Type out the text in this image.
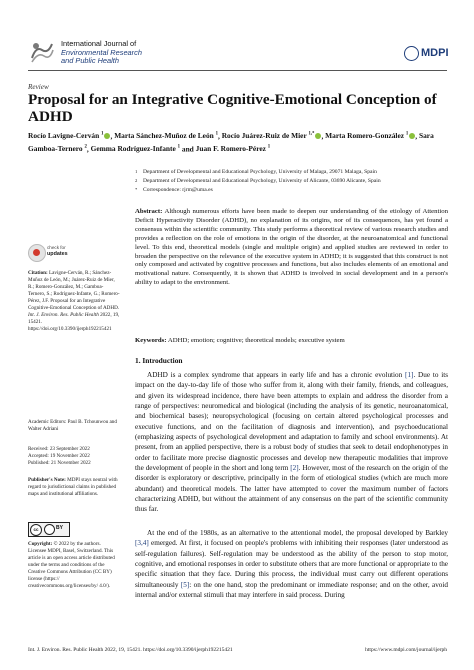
International Journal of
Environmental Research
and Public Health
MDPI
Review
Proposal for an Integrative Cognitive-Emotional Conception of ADHD
Rocío Lavigne-Cerván $^1$ , Marta Sánchez-Muñoz de León $^1$, Rocío Juárez-Ruiz de Mier $^{1,*}$ , Marta Romero-González $^1$ , Sara Gamboa-Ternero $^2$, Gemma Rodríguez-Infante $^1$ and Juan F. Romero-Pérez $^1$
1 Department of Developmental and Educational Psychology, University of Malaga, 29071 Malaga, Spain
2 Department of Developmental and Educational Psychology, University of Alicante, 03690 Alicante, Spain
* Correspondence: rjrm@uma.es
Abstract: Although numerous efforts have been made to deepen our understanding of the etiology of Attention Deficit Hyperactivity Disorder (ADHD), no explanation of its origins, nor of its consequences, has yet found a consensus within the scientific community. This study performs a theoretical review of various research studies and provides a reflection on the role of emotions in the origin of the disorder, at the neuroanatomical and functional level. To this end, theoretical models (single and multiple origin) and applied studies are reviewed in order to broaden the perspective on the relevance of the executive system in ADHD; it is suggested that this construct is not only composed and activated by cognitive processes and functions, but also includes elements of an emotional and motivational nature. Consequently, it is shown that ADHD is involved in social development and in a person's ability to adapt to the environment.
Keywords: ADHD; emotion; cognitive; theoretical models; executive system
check for
updates
Citation: Lavigne-Cerván, R.; Sánchez-Muñoz de León, M.; Juárez-Ruiz de Mier, R.; Romero-González, M.; Gamboa-Ternero, S.; Rodríguez-Infante, G.; Romero-Pérez, J.F. Proposal for an Integrative Cognitive-Emotional Conception of ADHD. Int. J. Environ. Res. Public Health 2022, 19, 15421. https://doi.org/10.3390/ijerph192215421
Academic Editors: Paul B. Tchounwou and Walter Adriani
Received: 23 September 2022
Accepted: 19 November 2022
Published: 21 November 2022
Publisher's Note: MDPI stays neutral with regard to jurisdictional claims in published maps and institutional affiliations.
cc	BY
Copyright: © 2022 by the authors. Licensee MDPI, Basel, Switzerland. This article is an open access article distributed under the terms and conditions of the Creative Commons Attribution (CC BY) license (https:// creativecommons.org/licenses/by/ 4.0/).
1. Introduction
ADHD is a complex syndrome that appears in early life and has a chronic evolution [1]. Due to its impact on the day-to-day life of those who suffer from it, along with their family, friends, and colleagues, and given its widespread incidence, there have been attempts to explain and address the disorder from a range of perspectives: neuromedical and biological (including the analysis of its genetic, neuroanatomical, and biochemical bases); neuropsychological (focusing on certain altered psychological processes and executive functions, and on the facilitation of diagnosis and intervention), and psychoeducational (emphasizing aspects of psychological development and adaptation to family and school environments). At present, from an applied perspective, there is a robust body of studies that seek to detail endophenotypes in order to facilitate more precise diagnostic processes and develop new therapeutic modalities that improve the development of people in the short and long term [2]. However, most of the research on the origin of the disorder is exploratory or descriptive, principally in the form of etiological studies (which are much more abundant) and theoretical models. The latter have attempted to cover the maximum number of factors characterizing ADHD, but without the attainment of any consensus on the part of the scientific community thus far.
At the end of the 1980s, as an alternative to the attentional model, the proposal developed by Barkley [3,4] emerged. At first, it focused on people's problems with inhibiting their responses (later understood as self-regulation failures). Self-regulation may be understood as the ability of the person to stop motor, cognitive, and emotional responses in order to substitute others that are more functional or appropriate to the specific situation that they face. During this process, the individual must carry out different operations simultaneously [5]: on the one hand, stop the predominant or immediate response; and on the other, avoid internal and/or external stimuli that may interfere in said process. During
Int. J. Environ. Res. Public Health 2022, 19, 15421. https://doi.org/10.3390/ijerph192215421	https://www.mdpi.com/journal/ijerph
